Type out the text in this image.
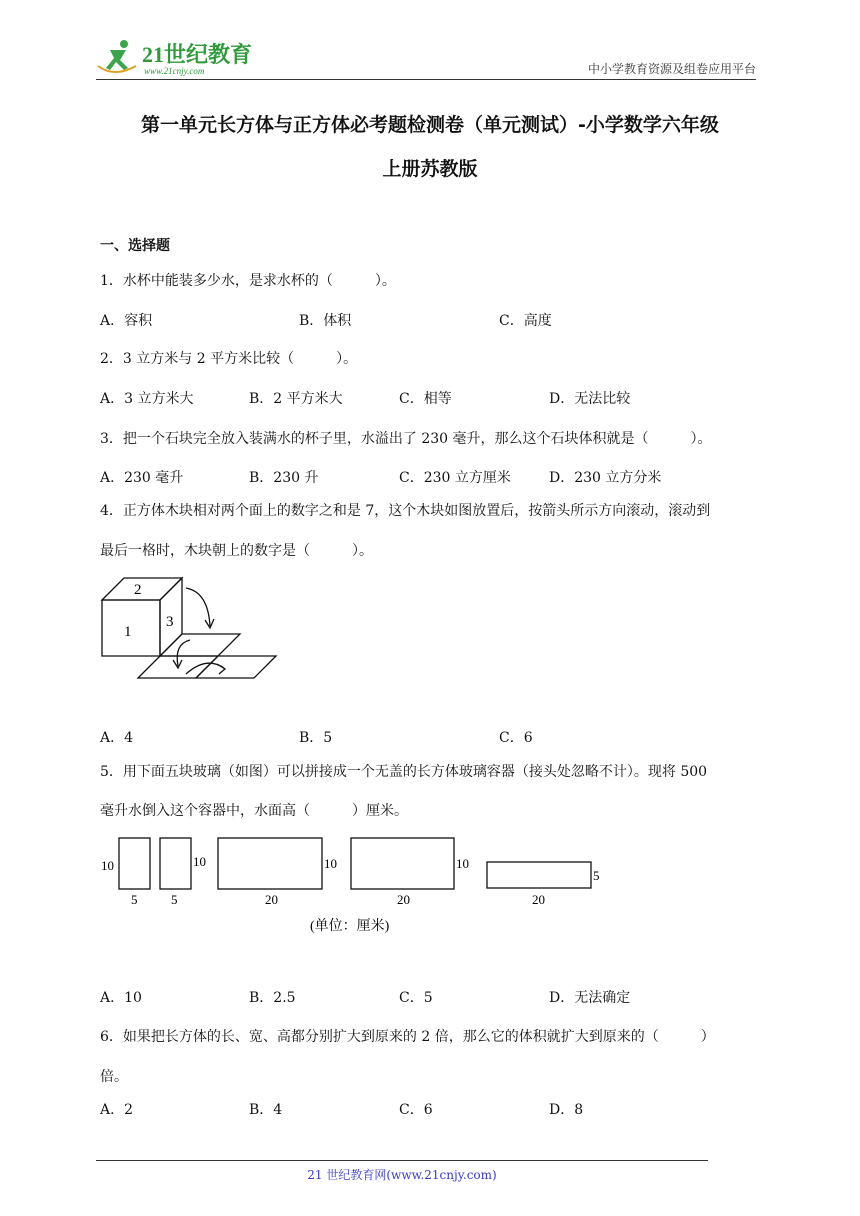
21世纪教育
www.21cnjy.com	中小学教育资源及组卷应用平台
第一单元长方体与正方体必考题检测卷（单元测试）-小学数学六年级
上册苏教版
一、选择题
1．水杯中能装多少水，是求水杯的（　　　）。
A．容积	B．体积	C．高度
2．3 立方米与 2 平方米比较（　　　）。
A．3 立方米大	B．2 平方米大	C．相等	D．无法比较
3．把一个石块完全放入装满水的杯子里，水溢出了 230 毫升，那么这个石块体积就是（　　　）。
A．230 毫升	B．230 升	C．230 立方厘米	D．230 立方分米
4．正方体木块相对两个面上的数字之和是 7，这个木块如图放置后，按箭头所示方向滚动，滚动到
最后一格时，木块朝上的数字是（　　　）。
2
1
3
A．4	B．5	C．6
5．用下面五块玻璃（如图）可以拼接成一个无盖的长方体玻璃容器（接头处忽略不计）。现将 500
毫升水倒入这个容器中，水面高（　　　）厘米。
10
5
10
5
10
20
10
20
5
20
(单位：厘米)
A．10	B．2.5	C．5	D．无法确定
6．如果把长方体的长、宽、高都分别扩大到原来的 2 倍，那么它的体积就扩大到原来的（　　　）
倍。
A．2	B．4	C．6	D．8
21 世纪教育网(www.21cnjy.com)
